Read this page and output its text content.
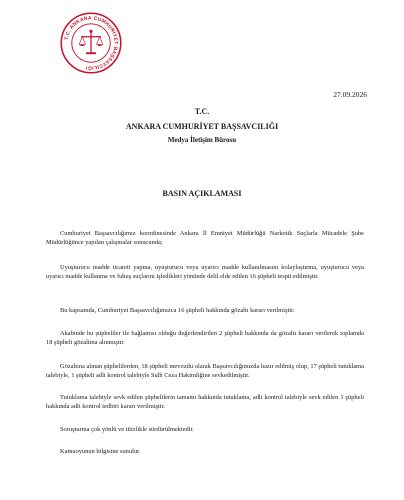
T.C. ANKARA CUMHURİYET BAŞSAVCILIĞI
27.09.2026
T.C.
ANKARA CUMHURİYET BAŞSAVCILIĞI
Medya İletişim Bürosu
BASIN AÇIKLAMASI
Cumhuriyet Başsavcılığımız koordinesinde Ankara İl Emniyet Müdürlüğü Narkotik Suçlarla Mücadele Şube Müdürlüğünce yapılan çalışmalar sonucunda;
Uyuşturucu madde ticareti yapma, uyuşturucu veya uyarıcı madde kullanılmasını kolaylaştırma, uyuşturucu veya uyarıcı madde kullanma ve fuhuş suçlarını işledikleri yönünde delil elde edilen 16 şüpheli tespit edilmiştir.
Bu kapsamda, Cumhuriyet Başsavcılığımızca 16 şüpheli hakkında gözaltı kararı verilmiştir.
Akabinde bu şüpheliler ile bağlantısı olduğu değerlendirilen 2 şüpheli hakkında da gözaltı kararı verilerek toplamda 18 şüpheli gözaltına alınmıştır.
Gözaltına alınan şüphelilerden, 18 şüpheli mevcutlu olarak Başsavcılığımızda hazır edilmiş olup, 17 şüpheli tutuklama talebiyle, 1 şüpheli adli kontrol talebiyle Sulh Ceza Hakimliğine sevkedilmiştir.
Tutuklama talebiyle sevk edilen şüphelilerin tamamı hakkında tutuklama, adli kontrol talebiyle sevk edilen 1 şüpheli hakkında adli kontrol tedbiri kararı verilmiştir.
Soruşturma çok yönlü ve titizlikle sürdürülmektedir.
Kamuoyunun bilgisine sunulur.
